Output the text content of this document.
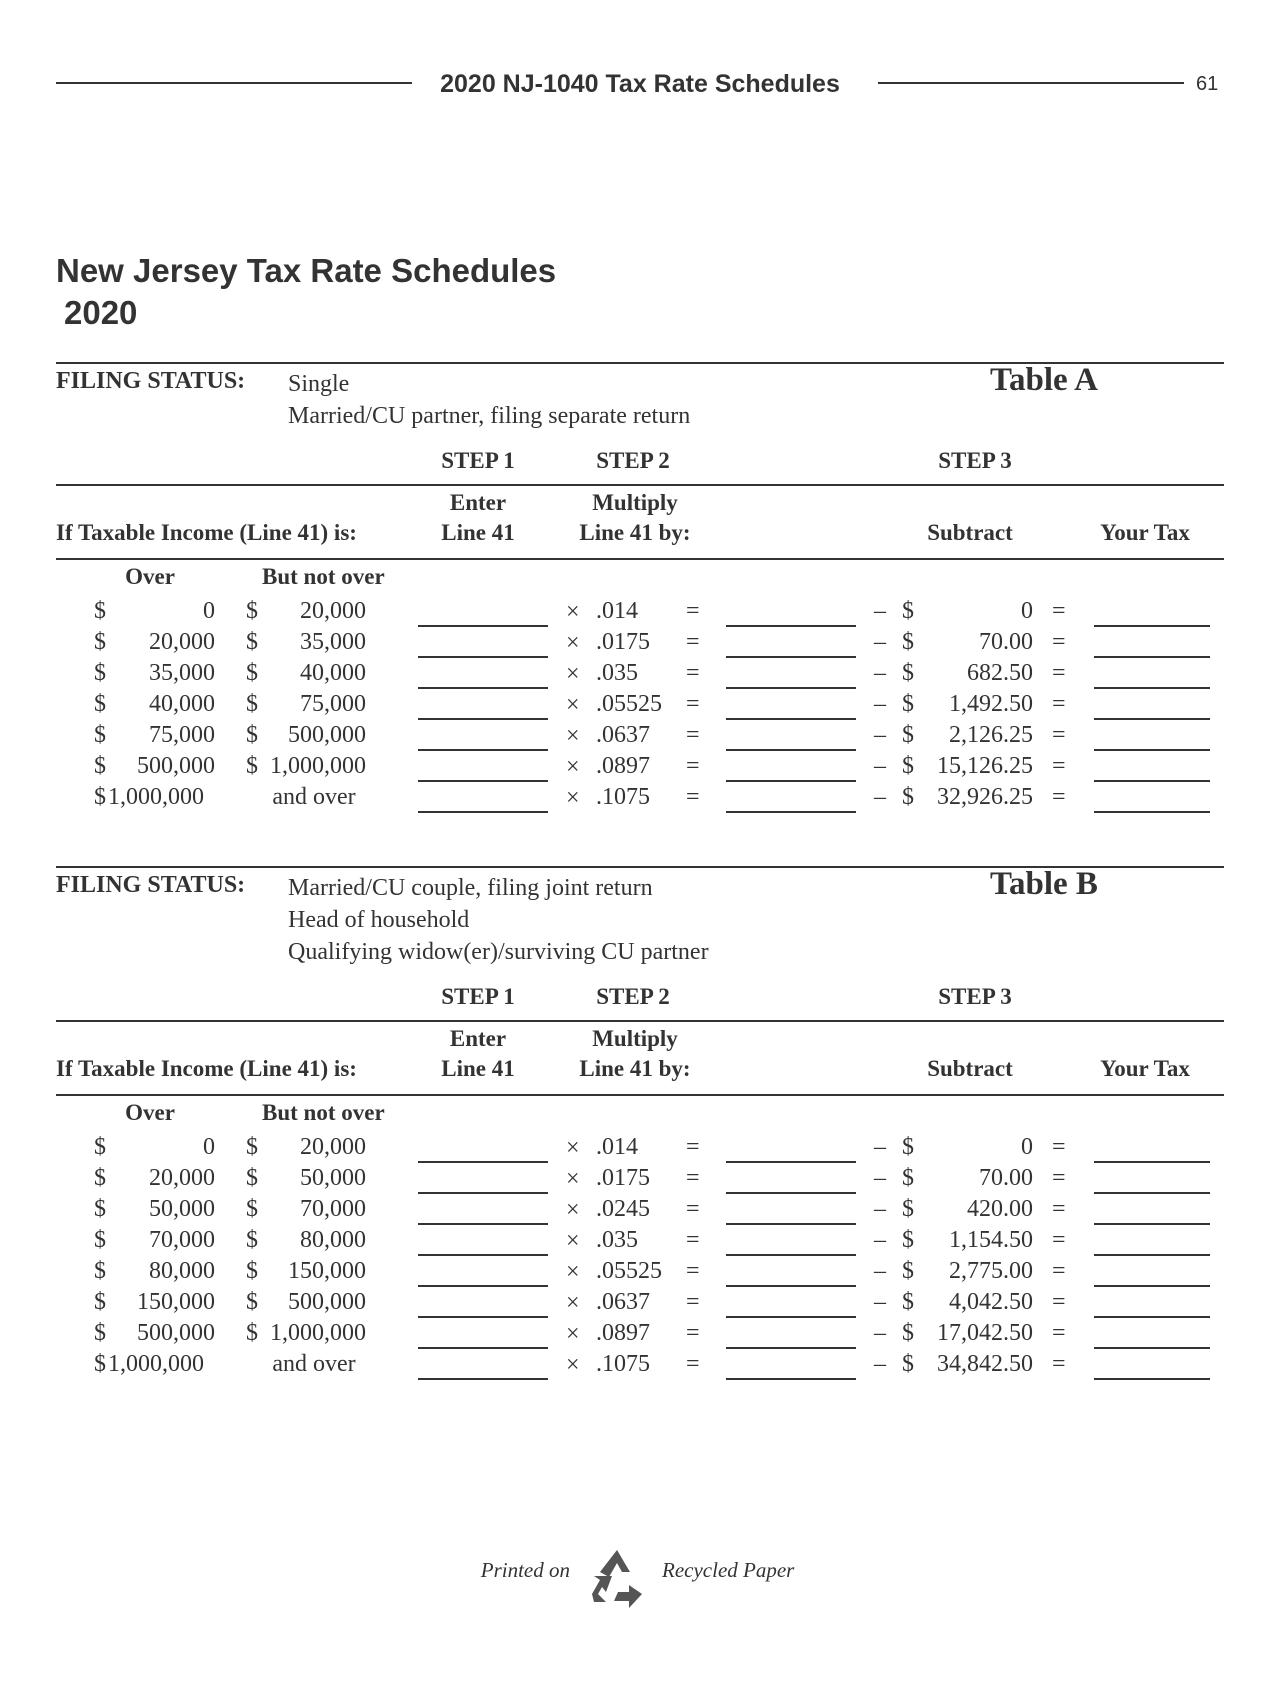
2020 NJ-1040 Tax Rate Schedules	61
New Jersey Tax Rate Schedules
2020
FILING STATUS: Single
Married/CU partner, filing separate return
Table A
STEP 1	STEP 2	STEP 3
Enter
Line 41
Multiply
Line 41 by:
If Taxable Income (Line 41) is:	Subtract	Your Tax
Over	But not over
$	0 $	20,000	× .014 =	– $	0 =
$	20,000 $	35,000	× .0175 =	– $	70.00 =
$	35,000 $	40,000	× .035 =	– $	682.50 =
$	40,000 $	75,000	× .05525 =	– $	1,492.50 =
$	75,000 $	500,000	× .0637 =	– $	2,126.25 =
$	500,000 $ 1,000,000	× .0897 =	– $ 15,126.25 =
$ 1,000,000	and over	× .1075 =	– $ 32,926.25 =
FILING STATUS: Married/CU couple, filing joint return
Head of household
Qualifying widow(er)/surviving CU partner
Table B
STEP 1	STEP 2	STEP 3
Enter
Line 41
Multiply
Line 41 by:
If Taxable Income (Line 41) is:	Subtract	Your Tax
Over	But not over
$	0 $	20,000	× .014 =	– $	0 =
$	20,000 $	50,000	× .0175 =	– $	70.00 =
$	50,000 $	70,000	× .0245 =	– $	420.00 =
$	70,000 $	80,000	× .035 =	– $	1,154.50 =
$	80,000 $	150,000	× .05525 =	– $	2,775.00 =
$	150,000 $	500,000	× .0637 =	– $	4,042.50 =
$	500,000 $ 1,000,000	× .0897 =	– $ 17,042.50 =
$ 1,000,000	and over	× .1075 =	– $ 34,842.50 =
Printed on	Recycled Paper
